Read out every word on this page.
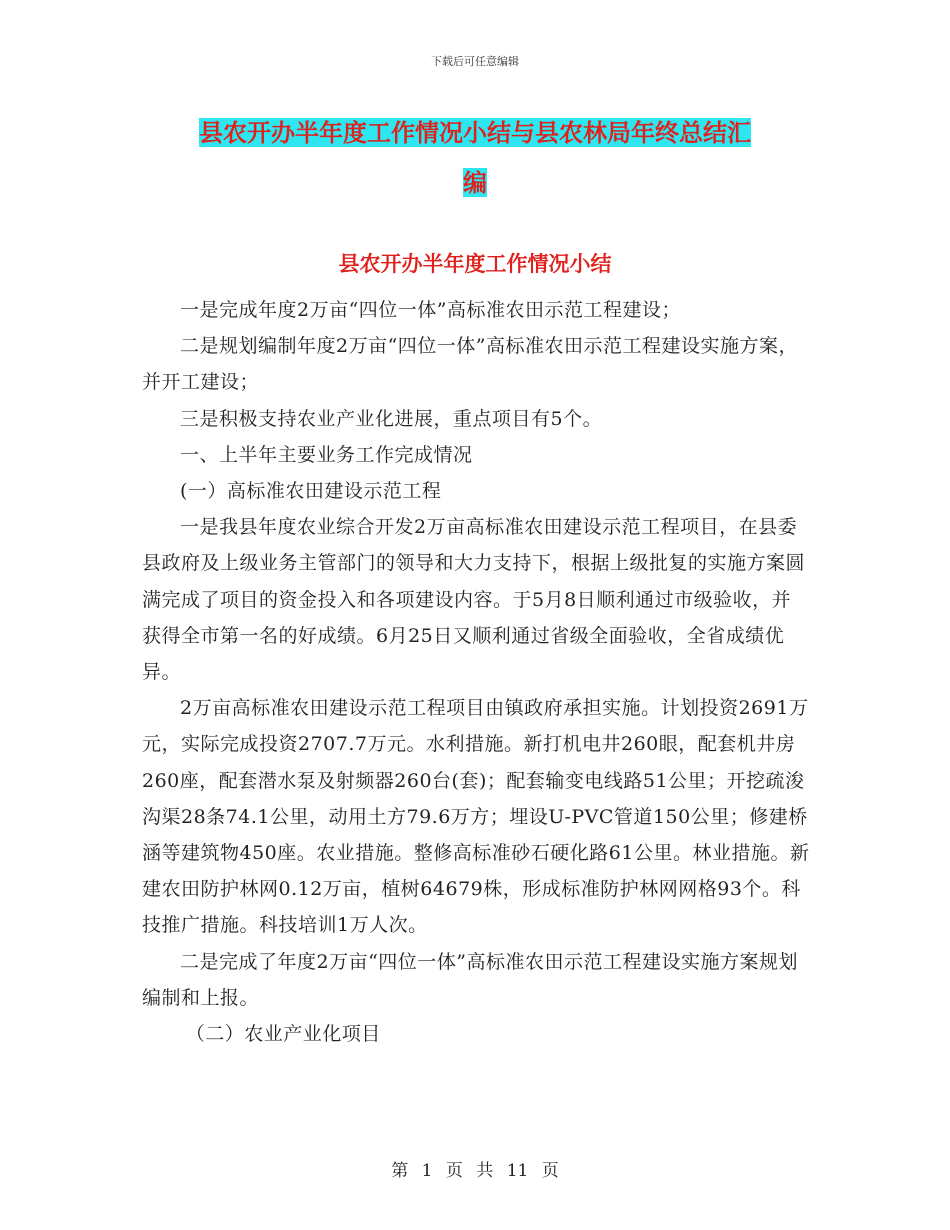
下载后可任意编辑
县农开办半年度工作情况小结与县农林局年终总结汇
编
县农开办半年度工作情况小结

一是完成年度2万亩“四位一体”高标准农田示范工程建设；

二是规划编制年度2万亩“四位一体”高标准农田示范工程建设实施方案，并开工建设；

三是积极支持农业产业化进展，重点项目有5个。

一、上半年主要业务工作完成情况

(一）高标准农田建设示范工程

一是我县年度农业综合开发2万亩高标准农田建设示范工程项目，在县委县政府及上级业务主管部门的领导和大力支持下，根据上级批复的实施方案圆满完成了项目的资金投入和各项建设内容。于5月8日顺利通过市级验收，并获得全市第一名的好成绩。6月25日又顺利通过省级全面验收，全省成绩优异。

2万亩高标准农田建设示范工程项目由镇政府承担实施。计划投资2691万元，实际完成投资2707.7万元。水利措施。新打机电井260眼，配套机井房260座，配套潜水泵及射频器260台(套)；配套输变电线路51公里；开挖疏浚沟渠28条74.1公里，动用土方79.6万方；埋设U-PVC管道150公里；修建桥涵等建筑物450座。农业措施。整修高标准砂石硬化路61公里。林业措施。新建农田防护林网0.12万亩，植树64679株，形成标准防护林网网格93个。科技推广措施。科技培训1万人次。

二是完成了年度2万亩“四位一体”高标准农田示范工程建设实施方案规划编制和上报。

（二）农业产业化项目

第 1 页 共 11 页
